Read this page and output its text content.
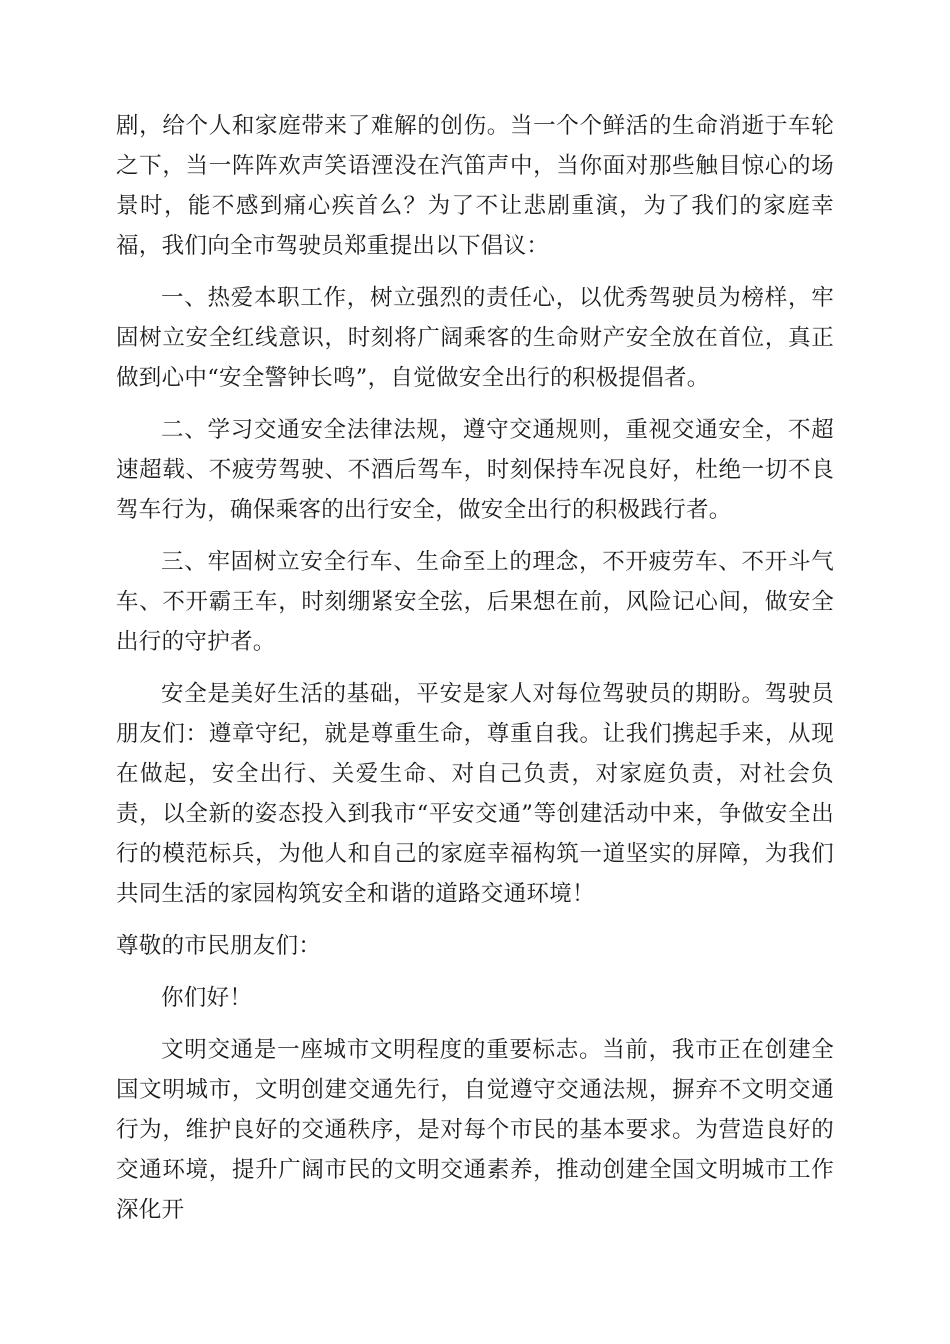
剧，给个人和家庭带来了难解的创伤。当一个个鲜活的生命消逝于车轮之下，当一阵阵欢声笑语湮没在汽笛声中，当你面对那些触目惊心的场景时，能不感到痛心疾首么？为了不让悲剧重演，为了我们的家庭幸福，我们向全市驾驶员郑重提出以下倡议：

一、热爱本职工作，树立强烈的责任心，以优秀驾驶员为榜样，牢固树立安全红线意识，时刻将广阔乘客的生命财产安全放在首位，真正做到心中“安全警钟长鸣”，自觉做安全出行的积极提倡者。

二、学习交通安全法律法规，遵守交通规则，重视交通安全，不超速超载、不疲劳驾驶、不酒后驾车，时刻保持车况良好，杜绝一切不良驾车行为，确保乘客的出行安全，做安全出行的积极践行者。

三、牢固树立安全行车、生命至上的理念，不开疲劳车、不开斗气车、不开霸王车，时刻绷紧安全弦，后果想在前，风险记心间，做安全出行的守护者。

安全是美好生活的基础，平安是家人对每位驾驶员的期盼。驾驶员朋友们：遵章守纪，就是尊重生命，尊重自我。让我们携起手来，从现在做起，安全出行、关爱生命、对自己负责，对家庭负责，对社会负责，以全新的姿态投入到我市“平安交通”等创建活动中来，争做安全出行的模范标兵，为他人和自己的家庭幸福构筑一道坚实的屏障，为我们共同生活的家园构筑安全和谐的道路交通环境！

尊敬的市民朋友们：

你们好！

文明交通是一座城市文明程度的重要标志。当前，我市正在创建全国文明城市，文明创建交通先行，自觉遵守交通法规，摒弃不文明交通行为，维护良好的交通秩序，是对每个市民的基本要求。为营造良好的交通环境，提升广阔市民的文明交通素养，推动创建全国文明城市工作深化开
